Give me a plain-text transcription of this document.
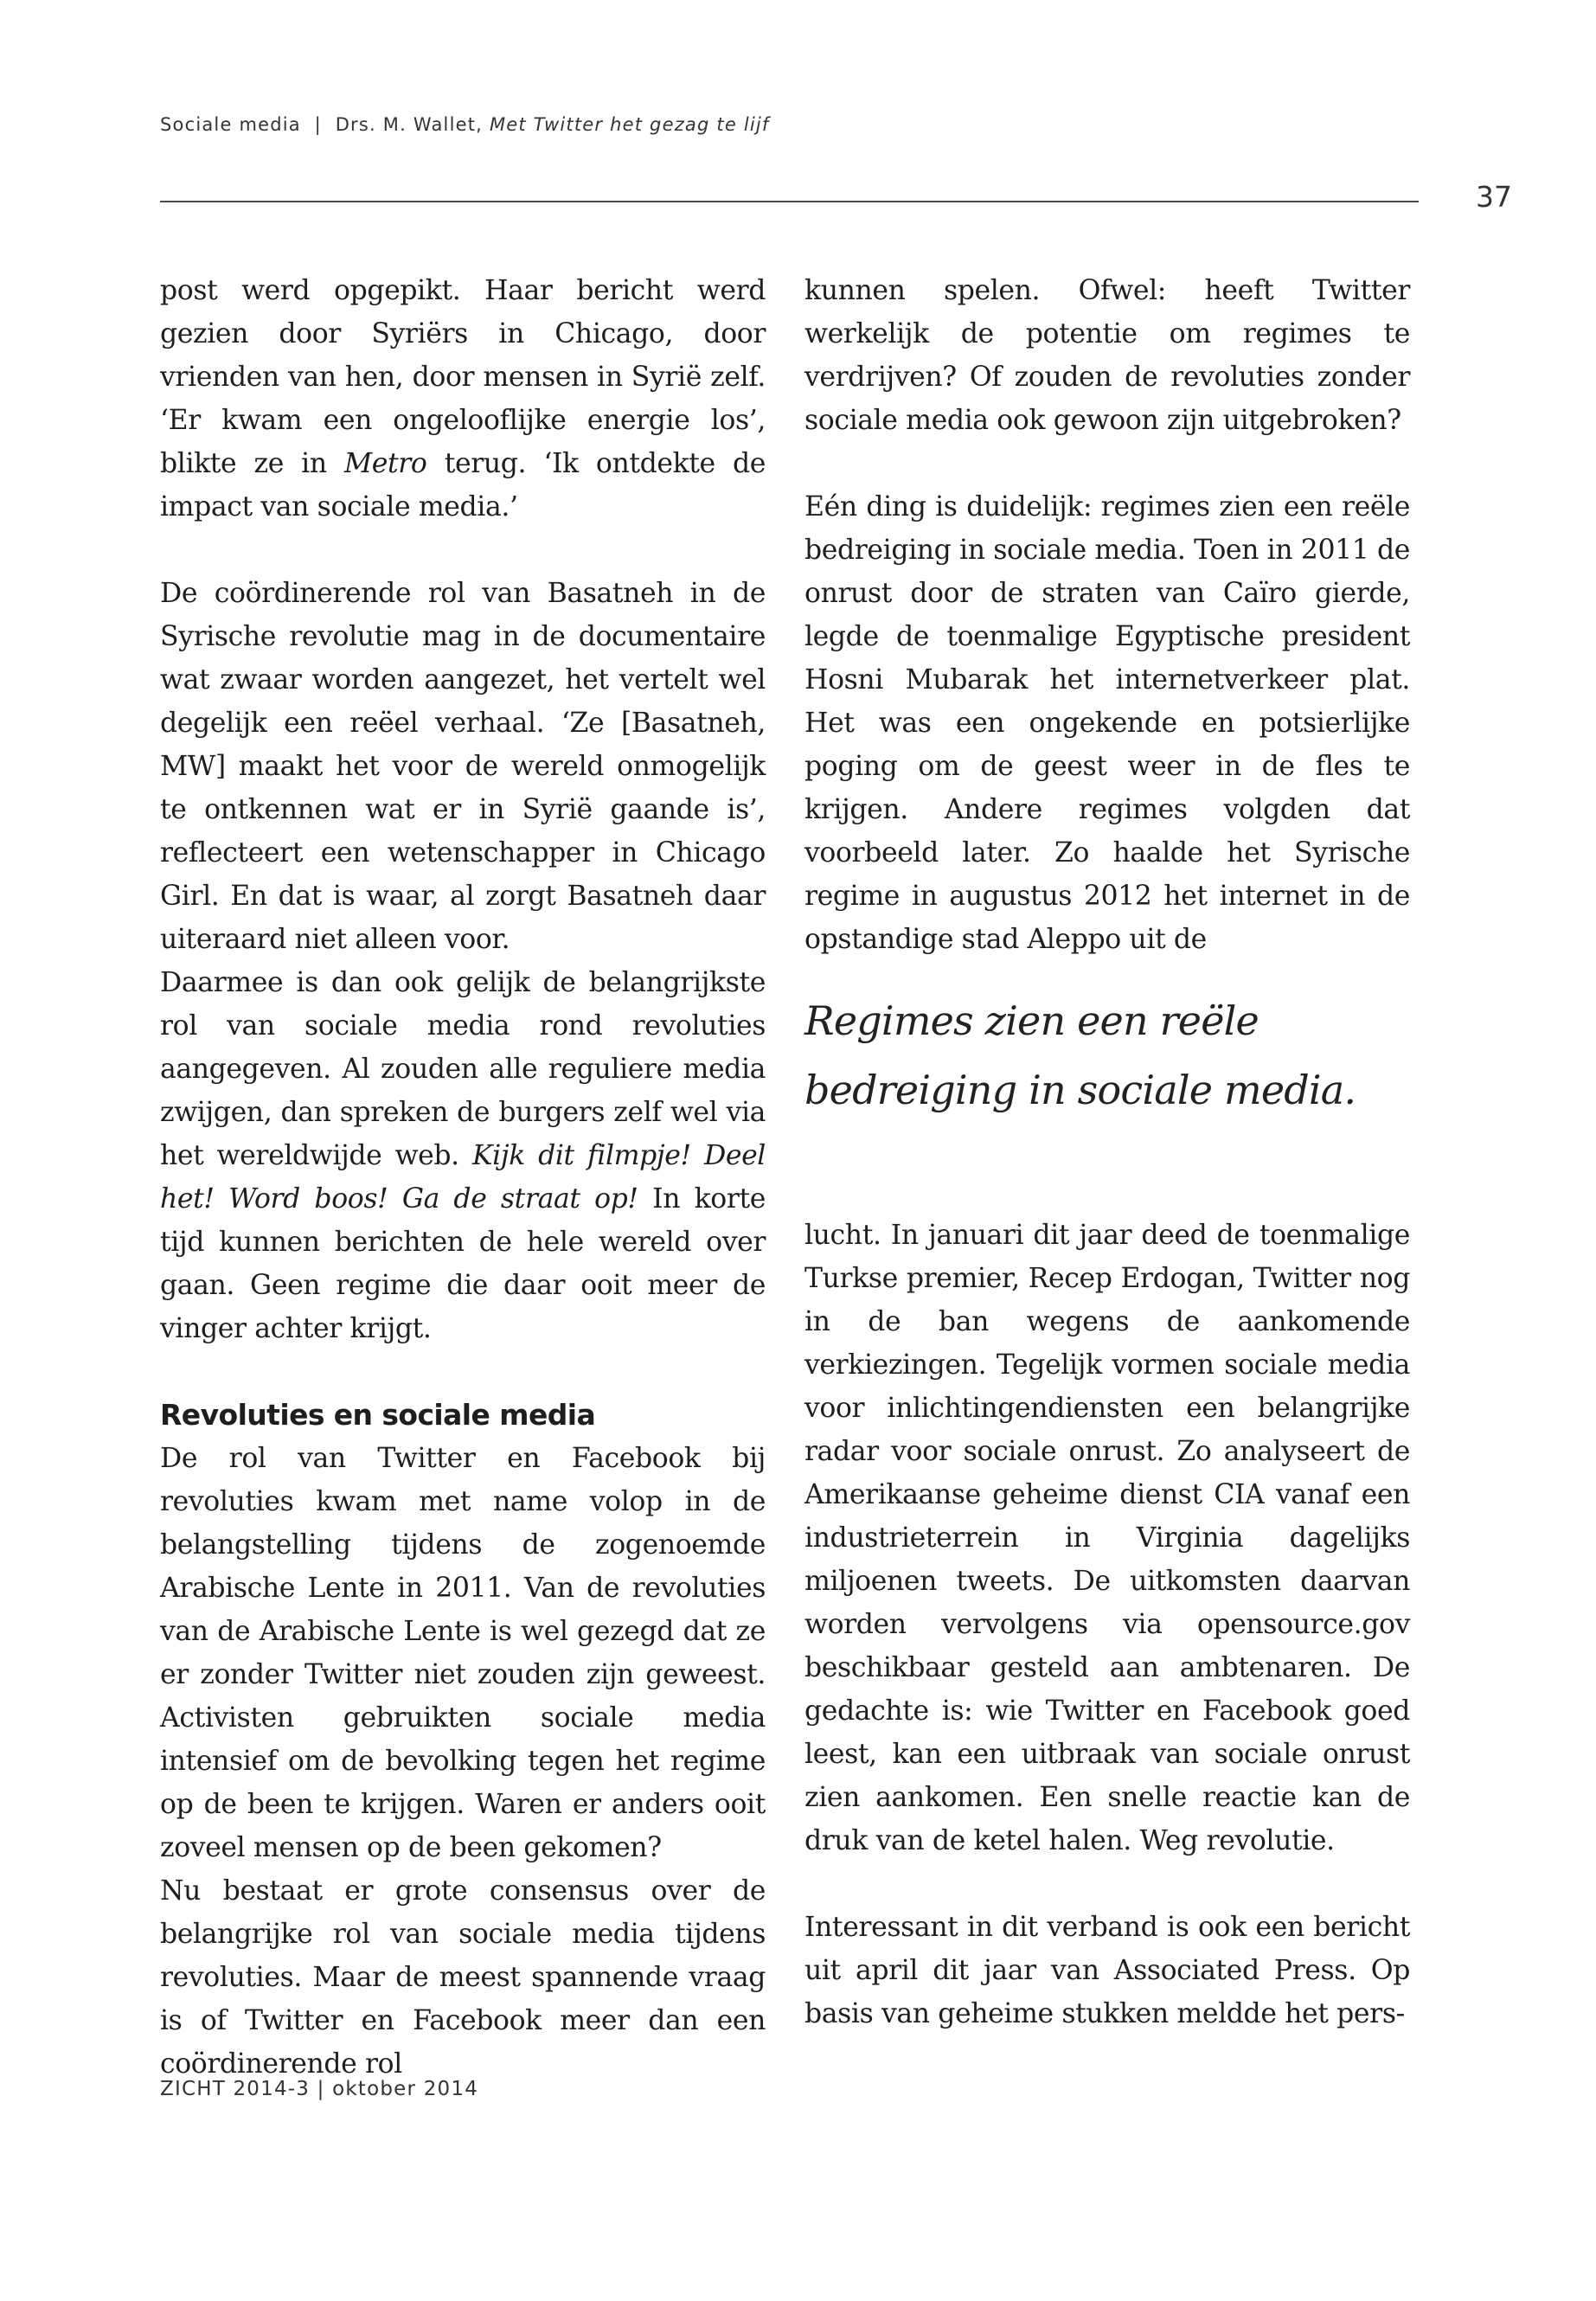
Sociale media | Drs. M. Wallet, Met Twitter het gezag te lijf
37

post werd opgepikt. Haar bericht werd gezien door Syriërs in Chicago, door vrienden van hen, door mensen in Syrië zelf. ‘Er kwam een ongelooflijke energie los’, blikte ze in Metro terug. ‘Ik ontdekte de impact van sociale media.’

De coördinerende rol van Basatneh in de Syrische revolutie mag in de documentaire wat zwaar worden aangezet, het vertelt wel degelijk een reëel verhaal. ‘Ze [Basatneh, MW] maakt het voor de wereld onmogelijk te ontkennen wat er in Syrië gaande is’, reflecteert een wetenschapper in Chicago Girl. En dat is waar, al zorgt Basatneh daar uiteraard niet alleen voor.

Daarmee is dan ook gelijk de belangrijkste rol van sociale media rond revoluties aangegeven. Al zouden alle reguliere media zwijgen, dan spreken de burgers zelf wel via het wereldwijde web. Kijk dit filmpje! Deel het! Word boos! Ga de straat op! In korte tijd kunnen berichten de hele wereld over gaan. Geen regime die daar ooit meer de vinger achter krijgt.

Revoluties en sociale media

De rol van Twitter en Facebook bij revoluties kwam met name volop in de belangstelling tijdens de zogenoemde Arabische Lente in 2011. Van de revoluties van de Arabische Lente is wel gezegd dat ze er zonder Twitter niet zouden zijn geweest. Activisten gebruikten sociale media intensief om de bevolking tegen het regime op de been te krijgen. Waren er anders ooit zoveel mensen op de been gekomen?

Nu bestaat er grote consensus over de belangrijke rol van sociale media tijdens revoluties. Maar de meest spannende vraag is of Twitter en Facebook meer dan een coördinerende rol

kunnen spelen. Ofwel: heeft Twitter werkelijk de potentie om regimes te verdrijven? Of zouden de revoluties zonder sociale media ook gewoon zijn uitgebroken?

Eén ding is duidelijk: regimes zien een reële bedreiging in sociale media. Toen in 2011 de onrust door de straten van Caïro gierde, legde de toenmalige Egyptische president Hosni Mubarak het internetverkeer plat. Het was een ongekende en potsierlijke poging om de geest weer in de fles te krijgen. Andere regimes volgden dat voorbeeld later. Zo haalde het Syrische regime in augustus 2012 het internet in de opstandige stad Aleppo uit de

Regimes zien een reële bedreiging in sociale media.

lucht. In januari dit jaar deed de toenmalige Turkse premier, Recep Erdogan, Twitter nog in de ban wegens de aankomende verkiezingen. Tegelijk vormen sociale media voor inlichtingendiensten een belangrijke radar voor sociale onrust. Zo analyseert de Amerikaanse geheime dienst CIA vanaf een industrieterrein in Virginia dagelijks miljoenen tweets. De uitkomsten daarvan worden vervolgens via opensource.gov beschikbaar gesteld aan ambtenaren. De gedachte is: wie Twitter en Facebook goed leest, kan een uitbraak van sociale onrust zien aankomen. Een snelle reactie kan de druk van de ketel halen. Weg revolutie.

Interessant in dit verband is ook een bericht uit april dit jaar van Associated Press. Op basis van geheime stukken meldde het pers-

ZICHT 2014-3 | oktober 2014
